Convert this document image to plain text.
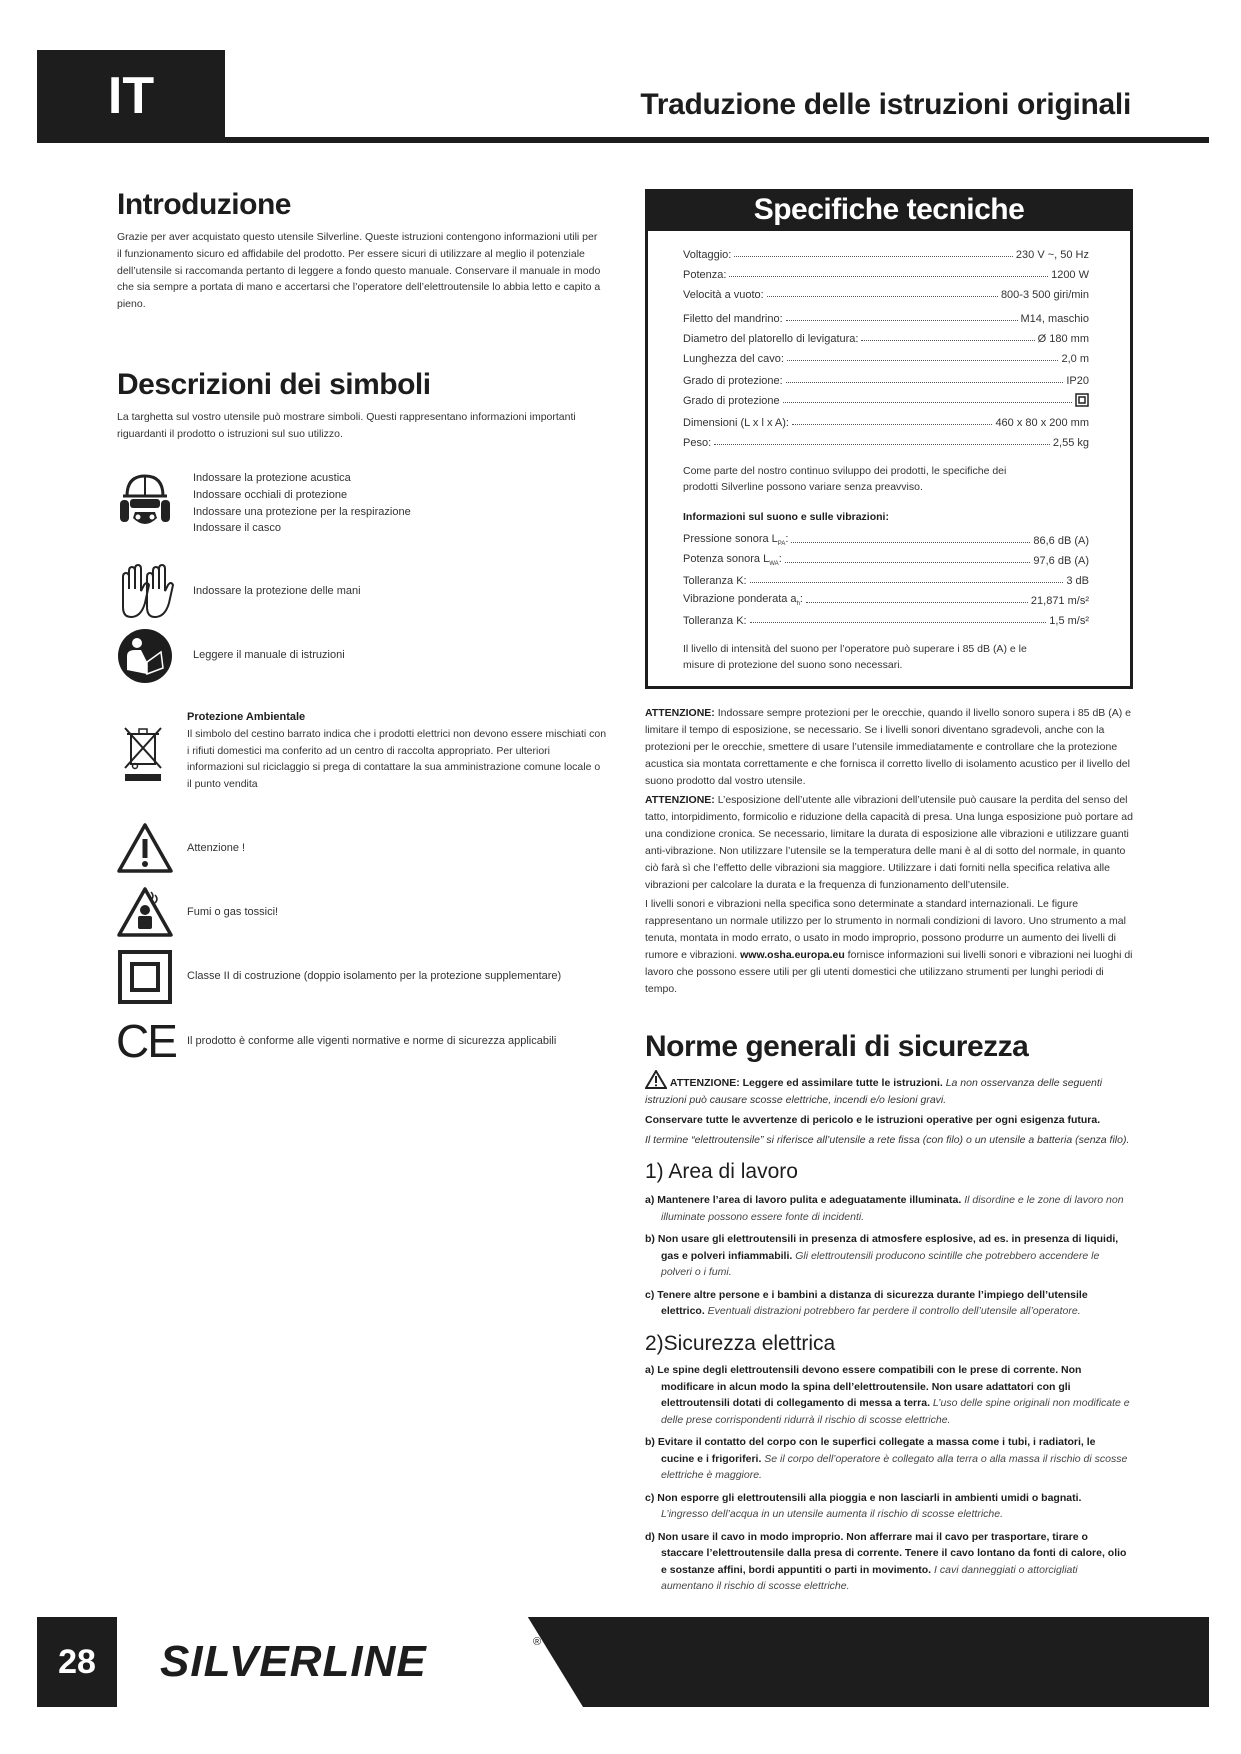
IT	Traduzione delle istruzioni originali
Introduzione
Grazie per aver acquistato questo utensile Silverline. Queste istruzioni contengono informazioni utili per il funzionamento sicuro ed affidabile del prodotto. Per essere sicuri di utilizzare al meglio il potenziale dell’utensile si raccomanda pertanto di leggere a fondo questo manuale. Conservare il manuale in modo che sia sempre a portata di mano e accertarsi che l’operatore dell’elettroutensile lo abbia letto e capito a pieno.
Descrizioni dei simboli
La targhetta sul vostro utensile può mostrare simboli. Questi rappresentano informazioni importanti riguardanti il prodotto o istruzioni sul suo utilizzo.
Indossare la protezione acustica
Indossare occhiali di protezione
Indossare una protezione per la respirazione
Indossare il casco
Indossare la protezione delle mani
Leggere il manuale di istruzioni
Protezione Ambientale
Il simbolo del cestino barrato indica che i prodotti elettrici non devono essere mischiati con i rifiuti domestici ma conferito ad un centro di raccolta appropriato. Per ulteriori informazioni sul riciclaggio si prega di contattare la sua amministrazione comune locale o il punto vendita
Attenzione !
Fumi o gas tossici!
Classe II di costruzione (doppio isolamento per la protezione supplementare)
CE Il prodotto è conforme alle vigenti normative e norme di sicurezza applicabili
Specifiche tecniche
Voltaggio:	230 V ~, 50 Hz
Potenza:	1200 W
Velocità a vuoto:	800-3 500 giri/min
Filetto del mandrino:	M14, maschio
Diametro del platorello di levigatura:	Ø 180 mm
Lunghezza del cavo:	2,0 m
Grado di protezione:	IP20
Grado di protezione
Dimensioni (L x l x A):	460 x 80 x 200 mm
Peso:	2,55 kg
Come parte del nostro continuo sviluppo dei prodotti, le specifiche dei prodotti Silverline possono variare senza preavviso.
Informazioni sul suono e sulle vibrazioni:
Pressione sonora $L_{PA}$:	86,6 dB (A)
Potenza sonora $L_{WA}$:	97,6 dB (A)
Tolleranza K:	3 dB
Vibrazione ponderata $a_h$:	21,871 m/s²
Tolleranza K:	1,5 m/s²
Il livello di intensità del suono per l’operatore può superare i 85 dB (A) e le misure di protezione del suono sono necessari.
ATTENZIONE: Indossare sempre protezioni per le orecchie, quando il livello sonoro supera i 85 dB (A) e limitare il tempo di esposizione, se necessario. Se i livelli sonori diventano sgradevoli, anche con la protezioni per le orecchie, smettere di usare l’utensile immediatamente e controllare che la protezione acustica sia montata correttamente e che fornisca il corretto livello di isolamento acustico per il livello del suono prodotto dal vostro utensile.
ATTENZIONE: L’esposizione dell’utente alle vibrazioni dell’utensile può causare la perdita del senso del tatto, intorpidimento, formicolio e riduzione della capacità di presa. Una lunga esposizione può portare ad una condizione cronica. Se necessario, limitare la durata di esposizione alle vibrazioni e utilizzare guanti anti-vibrazione. Non utilizzare l’utensile se la temperatura delle mani è al di sotto del normale, in quanto ciò farà sì che l’effetto delle vibrazioni sia maggiore. Utilizzare i dati forniti nella specifica relativa alle vibrazioni per calcolare la durata e la frequenza di funzionamento dell’utensile.
I livelli sonori e vibrazioni nella specifica sono determinate a standard internazionali. Le figure rappresentano un normale utilizzo per lo strumento in normali condizioni di lavoro. Uno strumento a mal tenuta, montata in modo errato, o usato in modo improprio, possono produrre un aumento dei livelli di rumore e vibrazioni. www.osha.europa.eu fornisce informazioni sui livelli sonori e vibrazioni nei luoghi di lavoro che possono essere utili per gli utenti domestici che utilizzano strumenti per lunghi periodi di tempo.
Norme generali di sicurezza
ATTENZIONE: Leggere ed assimilare tutte le istruzioni. La non osservanza delle seguenti istruzioni può causare scosse elettriche, incendi e/o lesioni gravi.
Conservare tutte le avvertenze di pericolo e le istruzioni operative per ogni esigenza futura.
Il termine “elettroutensile” si riferisce all’utensile a rete fissa (con filo) o un utensile a batteria (senza filo).
1) Area di lavoro
a) Mantenere l’area di lavoro pulita e adeguatamente illuminata. Il disordine e le zone di lavoro non illuminate possono essere fonte di incidenti.
b) Non usare gli elettroutensili in presenza di atmosfere esplosive, ad es. in presenza di liquidi, gas e polveri infiammabili. Gli elettroutensili producono scintille che potrebbero accendere le polveri o i fumi.
c) Tenere altre persone e i bambini a distanza di sicurezza durante l’impiego dell’utensile elettrico. Eventuali distrazioni potrebbero far perdere il controllo dell’utensile all’operatore.
2)Sicurezza elettrica
a) Le spine degli elettroutensili devono essere compatibili con le prese di corrente. Non modificare in alcun modo la spina dell’elettroutensile. Non usare adattatori con gli elettroutensili dotati di collegamento di messa a terra. L’uso delle spine originali non modificate e delle prese corrispondenti ridurrà il rischio di scosse elettriche.
b) Evitare il contatto del corpo con le superfici collegate a massa come i tubi, i radiatori, le cucine e i frigoriferi. Se il corpo dell’operatore è collegato alla terra o alla massa il rischio di scosse elettriche è maggiore.
c) Non esporre gli elettroutensili alla pioggia e non lasciarli in ambienti umidi o bagnati. L’ingresso dell’acqua in un utensile aumenta il rischio di scosse elettriche.
d) Non usare il cavo in modo improprio. Non afferrare mai il cavo per trasportare, tirare o staccare l’elettroutensile dalla presa di corrente. Tenere il cavo lontano da fonti di calore, olio e sostanze affini, bordi appuntiti o parti in movimento. I cavi danneggiati o attorcigliati aumentano il rischio di scosse elettriche.
28	SILVERLINE	®
